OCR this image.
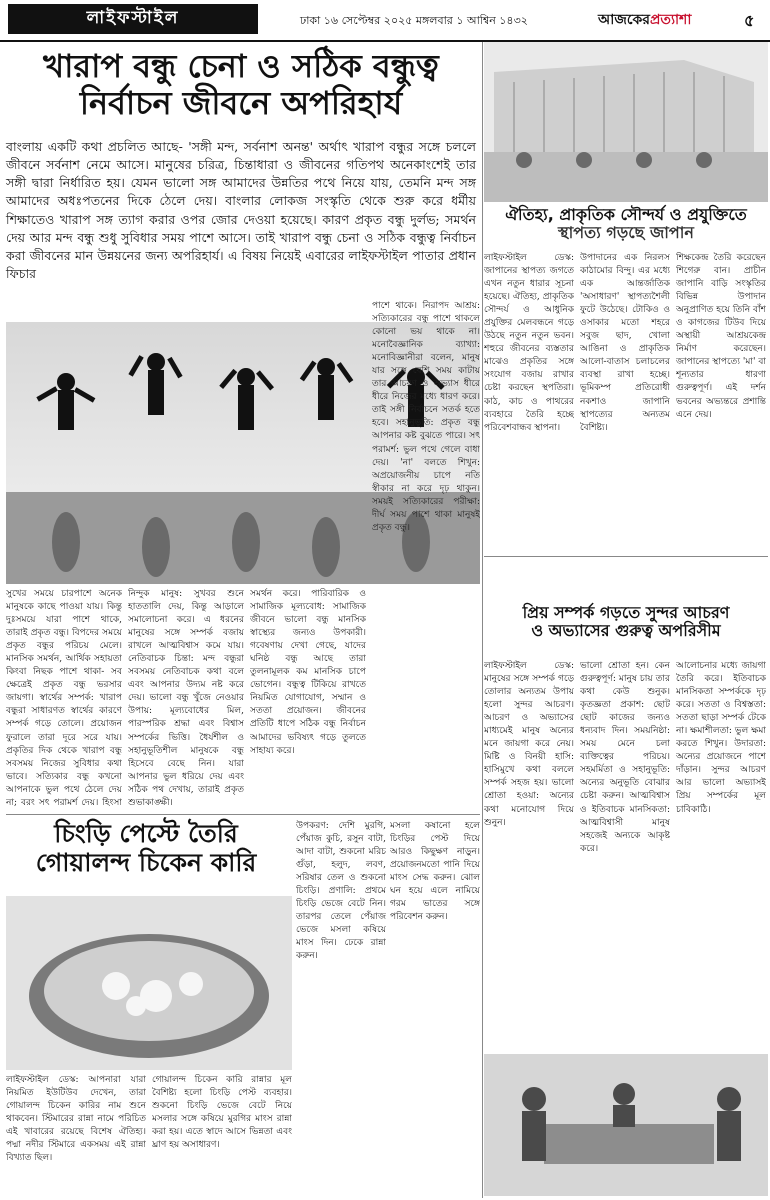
লাইফস্টাইল	ঢাকা ১৬ সেপ্টেম্বর ২০২৫ মঙ্গলবার ১ আশ্বিন ১৪৩২	আজকেরপ্রত্যাশা	৫
খারাপ বন্ধু চেনা ও সঠিক বন্ধুত্ব
নির্বাচন জীবনে অপরিহার্য
বাংলায় একটি কথা প্রচলিত আছে- 'সঙ্গী মন্দ, সর্বনাশ অনন্ত' অর্থাৎ খারাপ বন্ধুর সঙ্গে চললে জীবনে সর্বনাশ নেমে আসে। মানুষের চরিত্র, চিন্তাধারা ও জীবনের গতিপথ অনেকাংশেই তার সঙ্গী দ্বারা নির্ধারিত হয়। যেমন ভালো সঙ্গ আমাদের উন্নতির পথে নিয়ে যায়, তেমনি মন্দ সঙ্গ আমাদের অধঃপতনের দিকে ঠেলে দেয়। বাংলার লোকজ সংস্কৃতি থেকে শুরু করে ধর্মীয় শিক্ষাতেও খারাপ সঙ্গ ত্যাগ করার ওপর জোর দেওয়া হয়েছে। কারণ প্রকৃত বন্ধু দুর্লভ; সমর্থন দেয় আর মন্দ বন্ধু শুধু সুবিধার সময় পাশে আসে। তাই খারাপ বন্ধু চেনা ও সঠিক বন্ধুত্ব নির্বাচন করা জীবনের মান উন্নয়নের জন্য অপরিহার্য। এ বিষয় নিয়েই এবারের লাইফস্টাইল পাতার প্রধান ফিচার
সুখের সময়ে চারপাশে অনেক মানুষকে কাছে পাওয়া যায়। কিন্তু দুঃসময়ে যারা পাশে থাকে, তারাই প্রকৃত বন্ধু। বিপদের সময়ে প্রকৃত বন্ধুর পরিচয় মেলে। মানসিক সমর্থন, আর্থিক সহায়তা কিংবা নিছক পাশে থাকা- সব ক্ষেত্রেই প্রকৃত বন্ধু ভরসার জায়গা। স্বার্থের সম্পর্ক: খারাপ বন্ধুরা সাধারণত স্বার্থের কারণে সম্পর্ক গড়ে তোলে। প্রয়োজন ফুরালে তারা দূরে সরে যায়। প্রকৃতির দিক থেকে খারাপ বন্ধু সবসময় নিজের সুবিধার কথা ভাবে। সত্যিকার বন্ধু কখনো আপনাকে ভুল পথে ঠেলে দেয় না; বরং সৎ পরামর্শ দেয়। হিংসা
নিন্দুক মানুষ: সুখবর শুনে হাততালি দেয়, কিন্তু আড়ালে সমালোচনা করে। এ ধরনের মানুষের সঙ্গে সম্পর্ক বজায় রাখলে আত্মবিশ্বাস কমে যায়। নেতিবাচক চিন্তা: মন্দ বন্ধুরা সবসময় নেতিবাচক কথা বলে এবং আপনার উদ্যম নষ্ট করে দেয়। ভালো বন্ধু খুঁজে নেওয়ার উপায়: মূল্যবোধের মিল, পারস্পরিক শ্রদ্ধা এবং বিশ্বাস সম্পর্কের ভিত্তি। ধৈর্যশীল ও সহানুভূতিশীল মানুষকে বন্ধু হিসেবে বেছে নিন। যারা আপনার ভুল ধরিয়ে দেয় এবং সঠিক পথ দেখায়, তারাই প্রকৃত শুভাকাঙ্ক্ষী।
সমর্থন করে। পারিবারিক ও সামাজিক মূল্যবোধ: সামাজিক জীবনে ভালো বন্ধু মানসিক স্বাস্থ্যের জন্যও উপকারী। গবেষণায় দেখা গেছে, যাদের ঘনিষ্ঠ বন্ধু আছে তারা তুলনামূলক কম মানসিক চাপে ভোগেন। বন্ধুত্ব টিকিয়ে রাখতে নিয়মিত যোগাযোগ, সম্মান ও সততা প্রয়োজন। জীবনের প্রতিটি ধাপে সঠিক বন্ধু নির্বাচন আমাদের ভবিষ্যৎ গড়ে তুলতে সাহায্য করে।
পাশে থাকে। নিরাপদ আশ্রয়: সত্যিকারের বন্ধু পাশে থাকলে কোনো ভয় থাকে না। মনোবৈজ্ঞানিক ব্যাখ্যা: মনোবিজ্ঞানীরা বলেন, মানুষ যার সঙ্গে বেশি সময় কাটায় তার আচরণ ও অভ্যাস ধীরে ধীরে নিজের মধ্যে ধারণ করে। তাই সঙ্গী নির্বাচনে সতর্ক হতে হবে। সহানুভূতি: প্রকৃত বন্ধু আপনার কষ্ট বুঝতে পারে। সৎ পরামর্শ: ভুল পথে গেলে বাধা দেয়। 'না' বলতে শিখুন: অপ্রয়োজনীয় চাপে নতি স্বীকার না করে দৃঢ় থাকুন। সময়ই সত্যিকারের পরীক্ষা: দীর্ঘ সময় পাশে থাকা মানুষই প্রকৃত বন্ধু।
ঐতিহ্য, প্রাকৃতিক সৌন্দর্য ও প্রযুক্তিতে
স্থাপত্য গড়ছে জাপান
লাইফস্টাইল ডেস্ক: জাপানের স্থাপত্য জগতে এখন নতুন ধারার সূচনা হয়েছে। ঐতিহ্য, প্রাকৃতিক সৌন্দর্য ও আধুনিক প্রযুক্তির মেলবন্ধনে গড়ে উঠছে নতুন নতুন ভবন। শহুরে জীবনের ব্যস্ততার মাঝেও প্রকৃতির সঙ্গে সংযোগ বজায় রাখার চেষ্টা করছেন স্থপতিরা। কাঠ, কাচ ও পাথরের ব্যবহারে তৈরি হচ্ছে পরিবেশবান্ধব স্থাপনা।
উপাদানের এক নিরলস কাঠামোর বিন্দু। এর মধ্যে এক আন্তর্জাতিক 'অসাধারণ' স্থাপত্যশৈলী ফুটে উঠেছে। টোকিও ও ওসাকার মতো শহরে সবুজ ছাদ, খোলা আঙিনা ও প্রাকৃতিক আলো-বাতাস চলাচলের ব্যবস্থা রাখা হচ্ছে। ভূমিকম্প প্রতিরোধী নকশাও জাপানি স্থাপত্যের অন্যতম বৈশিষ্ট্য।
শিক্ষকেন্দ্র তৈরি করেছেন শিগেরু বান। প্রাচীন জাপানি বাড়ি সংস্কৃতির বিভিন্ন উপাদান অনুপ্রাণিত হয়ে তিনি বাঁশ ও কাগজের টিউব দিয়ে অস্থায়ী আশ্রয়কেন্দ্র নির্মাণ করেছেন। জাপানের স্থাপত্যে 'মা' বা শূন্যতার ধারণা গুরুত্বপূর্ণ। এই দর্শন ভবনের অভ্যন্তরে প্রশান্তি এনে দেয়।
প্রিয় সম্পর্ক গড়তে সুন্দর আচরণ
ও অভ্যাসের গুরুত্ব অপরিসীম
লাইফস্টাইল ডেস্ক: মানুষের সঙ্গে সম্পর্ক গড়ে তোলার অন্যতম উপায় হলো সুন্দর আচরণ। আচরণ ও অভ্যাসের মাধ্যমেই মানুষ অন্যের মনে জায়গা করে নেয়। মিষ্টি ও বিনয়ী হাসি: হাসিমুখে কথা বললে সম্পর্ক সহজ হয়। ভালো শ্রোতা হওয়া: অন্যের কথা মনোযোগ দিয়ে শুনুন।
ভালো শ্রোতা হন। কেন গুরুত্বপূর্ণ: মানুষ চায় তার কথা কেউ শুনুক। কৃতজ্ঞতা প্রকাশ: ছোট ছোট কাজের জন্যও ধন্যবাদ দিন। সময়নিষ্ঠা: সময় মেনে চলা ব্যক্তিত্বের পরিচয়। সহমর্মিতা ও সহানুভূতি: অন্যের অনুভূতি বোঝার চেষ্টা করুন। আত্মবিশ্বাস ও ইতিবাচক মানসিকতা: আত্মবিশ্বাসী মানুষ সহজেই অন্যকে আকৃষ্ট করে।
আলোচনার মধ্যে জায়গা তৈরি করে। ইতিবাচক মানসিকতা সম্পর্ককে দৃঢ় করে। সততা ও বিশ্বস্ততা: সততা ছাড়া সম্পর্ক টেকে না। ক্ষমাশীলতা: ভুল ক্ষমা করতে শিখুন। উদারতা: অন্যের প্রয়োজনে পাশে দাঁড়ান। সুন্দর আচরণ আর ভালো অভ্যাসই প্রিয় সম্পর্কের মূল চাবিকাঠি।
চিংড়ি পেস্টে তৈরি
গোয়ালন্দ চিকেন কারি
লাইফস্টাইল ডেস্ক: আপনারা যারা নিয়মিত ইউটিউব দেখেন, তারা গোয়ালন্দ চিকেন কারির নাম শুনে থাকবেন। স্টিমারের রান্না নামে পরিচিত এই খাবারের রয়েছে বিশেষ ঐতিহ্য। পদ্মা নদীর স্টিমারে একসময় এই রান্না বিখ্যাত ছিল।
গোয়ালন্দ চিকেন কারি রান্নার মূল বৈশিষ্ট্য হলো চিংড়ি পেস্ট ব্যবহার। শুকনো চিংড়ি ভেজে বেটে নিয়ে মসলার সঙ্গে কষিয়ে মুরগির মাংস রান্না করা হয়। এতে স্বাদে আসে ভিন্নতা এবং ঘ্রাণ হয় অসাধারণ।
উপকরণ: দেশি মুরগি, পেঁয়াজ কুচি, রসুন বাটা, আদা বাটা, শুকনো মরিচ গুঁড়া, হলুদ, লবণ, সরিষার তেল ও শুকনো চিংড়ি। প্রণালি: প্রথমে চিংড়ি ভেজে বেটে নিন। তারপর তেলে পেঁয়াজ ভেজে মসলা কষিয়ে মাংস দিন। ঢেকে রান্না করুন।
মসলা কষানো হলে চিংড়ির পেস্ট দিয়ে আরও কিছুক্ষণ নাড়ুন। প্রয়োজনমতো পানি দিয়ে মাংস সেদ্ধ করুন। ঝোল ঘন হয়ে এলে নামিয়ে গরম ভাতের সঙ্গে পরিবেশন করুন।
